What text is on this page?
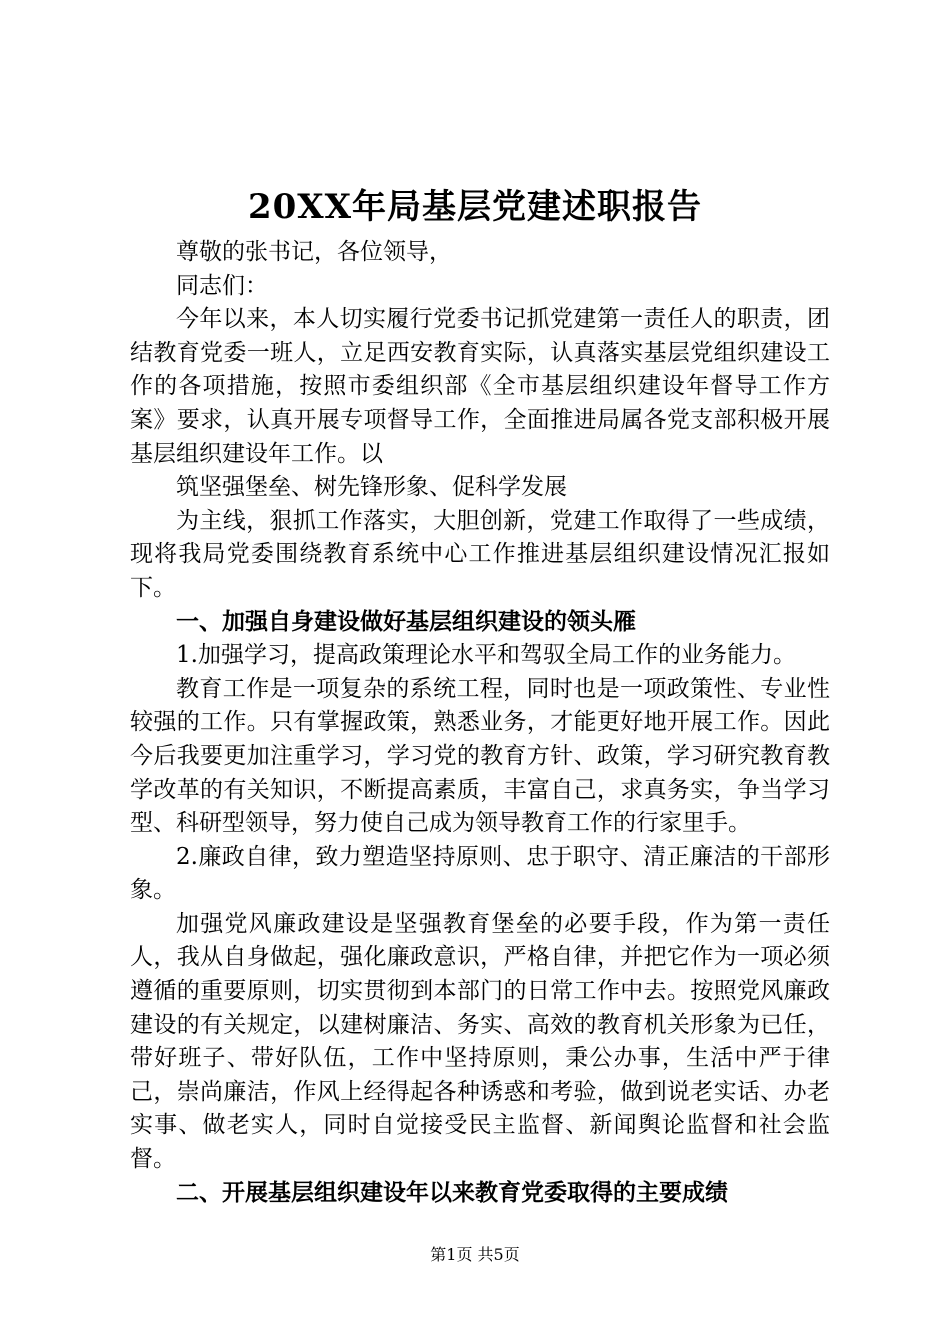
20XX年局基层党建述职报告

尊敬的张书记，各位领导，

同志们：

今年以来，本人切实履行党委书记抓党建第一责任人的职责，团结教育党委一班人，立足西安教育实际，认真落实基层党组织建设工作的各项措施，按照市委组织部《全市基层组织建设年督导工作方案》要求，认真开展专项督导工作，全面推进局属各党支部积极开展基层组织建设年工作。以

筑坚强堡垒、树先锋形象、促科学发展

为主线，狠抓工作落实，大胆创新，党建工作取得了一些成绩，现将我局党委围绕教育系统中心工作推进基层组织建设情况汇报如下。

一、加强自身建设做好基层组织建设的领头雁

1.加强学习，提高政策理论水平和驾驭全局工作的业务能力。

教育工作是一项复杂的系统工程，同时也是一项政策性、专业性较强的工作。只有掌握政策，熟悉业务，才能更好地开展工作。因此今后我要更加注重学习，学习党的教育方针、政策，学习研究教育教学改革的有关知识，不断提高素质，丰富自己，求真务实，争当学习型、科研型领导，努力使自己成为领导教育工作的行家里手。

2.廉政自律，致力塑造坚持原则、忠于职守、清正廉洁的干部形象。

加强党风廉政建设是坚强教育堡垒的必要手段，作为第一责任人，我从自身做起，强化廉政意识，严格自律，并把它作为一项必须遵循的重要原则，切实贯彻到本部门的日常工作中去。按照党风廉政建设的有关规定，以建树廉洁、务实、高效的教育机关形象为已任，带好班子、带好队伍，工作中坚持原则，秉公办事，生活中严于律己，崇尚廉洁，作风上经得起各种诱惑和考验，做到说老实话、办老实事、做老实人，同时自觉接受民主监督、新闻舆论监督和社会监督。

二、开展基层组织建设年以来教育党委取得的主要成绩

第1页 共5页
